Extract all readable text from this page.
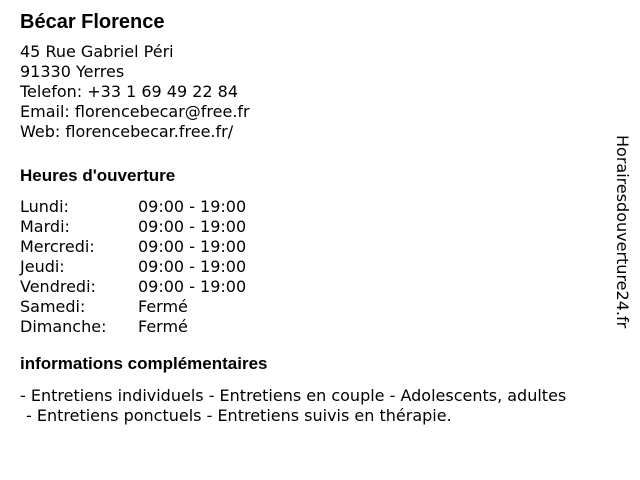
Bécar Florence
45 Rue Gabriel Péri
91330 Yerres
Telefon: +33 1 69 49 22 84
Email: florencebecar@free.fr
Web: florencebecar.free.fr/
Heures d'ouverture
Lundi:	09:00 - 19:00
Mardi:	09:00 - 19:00
Mercredi:	09:00 - 19:00
Jeudi:	09:00 - 19:00
Vendredi:	09:00 - 19:00
Samedi:	Fermé
Dimanche:	Fermé
informations complémentaires
- Entretiens individuels - Entretiens en couple - Adolescents, adultes
- Entretiens ponctuels - Entretiens suivis en thérapie.
Horairesdouverture24.fr
